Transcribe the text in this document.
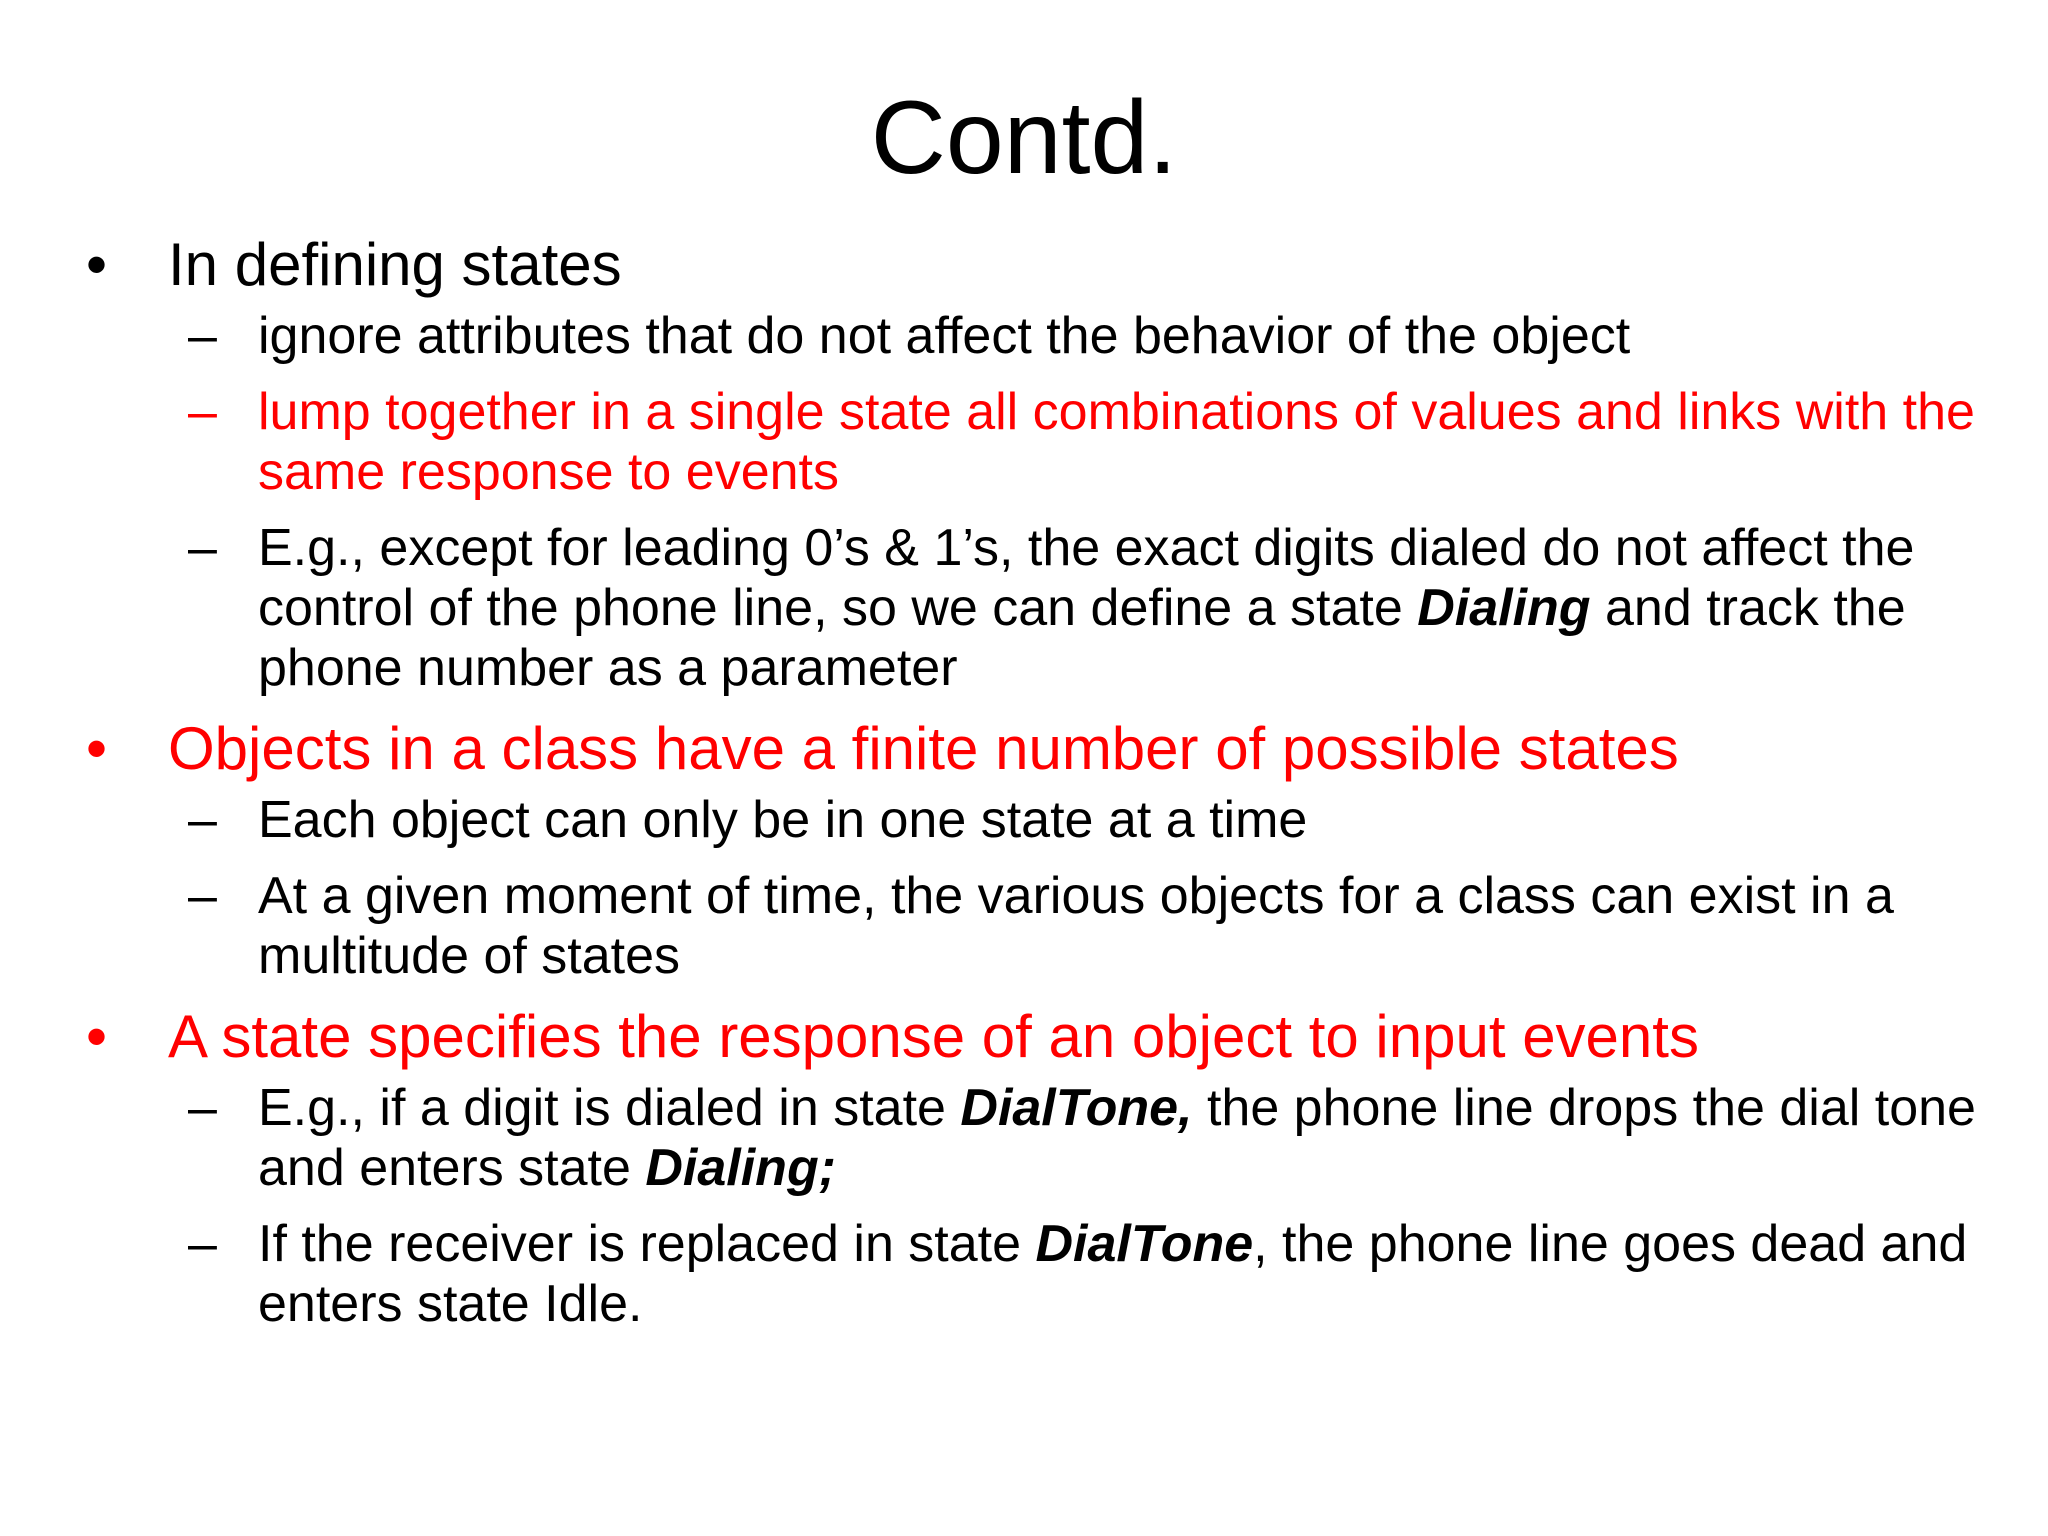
Contd.
• In defining states
– ignore attributes that do not affect the behavior of the object
– lump together in a single state all combinations of values and links with the same response to events
– E.g., except for leading 0’s & 1’s, the exact digits dialed do not affect the control of the phone line, so we can define a state Dialing and track the phone number as a parameter
• Objects in a class have a finite number of possible states
– Each object can only be in one state at a time
– At a given moment of time, the various objects for a class can exist in a multitude of states
• A state specifies the response of an object to input events
– E.g., if a digit is dialed in state DialTone, the phone line drops the dial tone and enters state Dialing;
– If the receiver is replaced in state DialTone, the phone line goes dead and enters state Idle.
